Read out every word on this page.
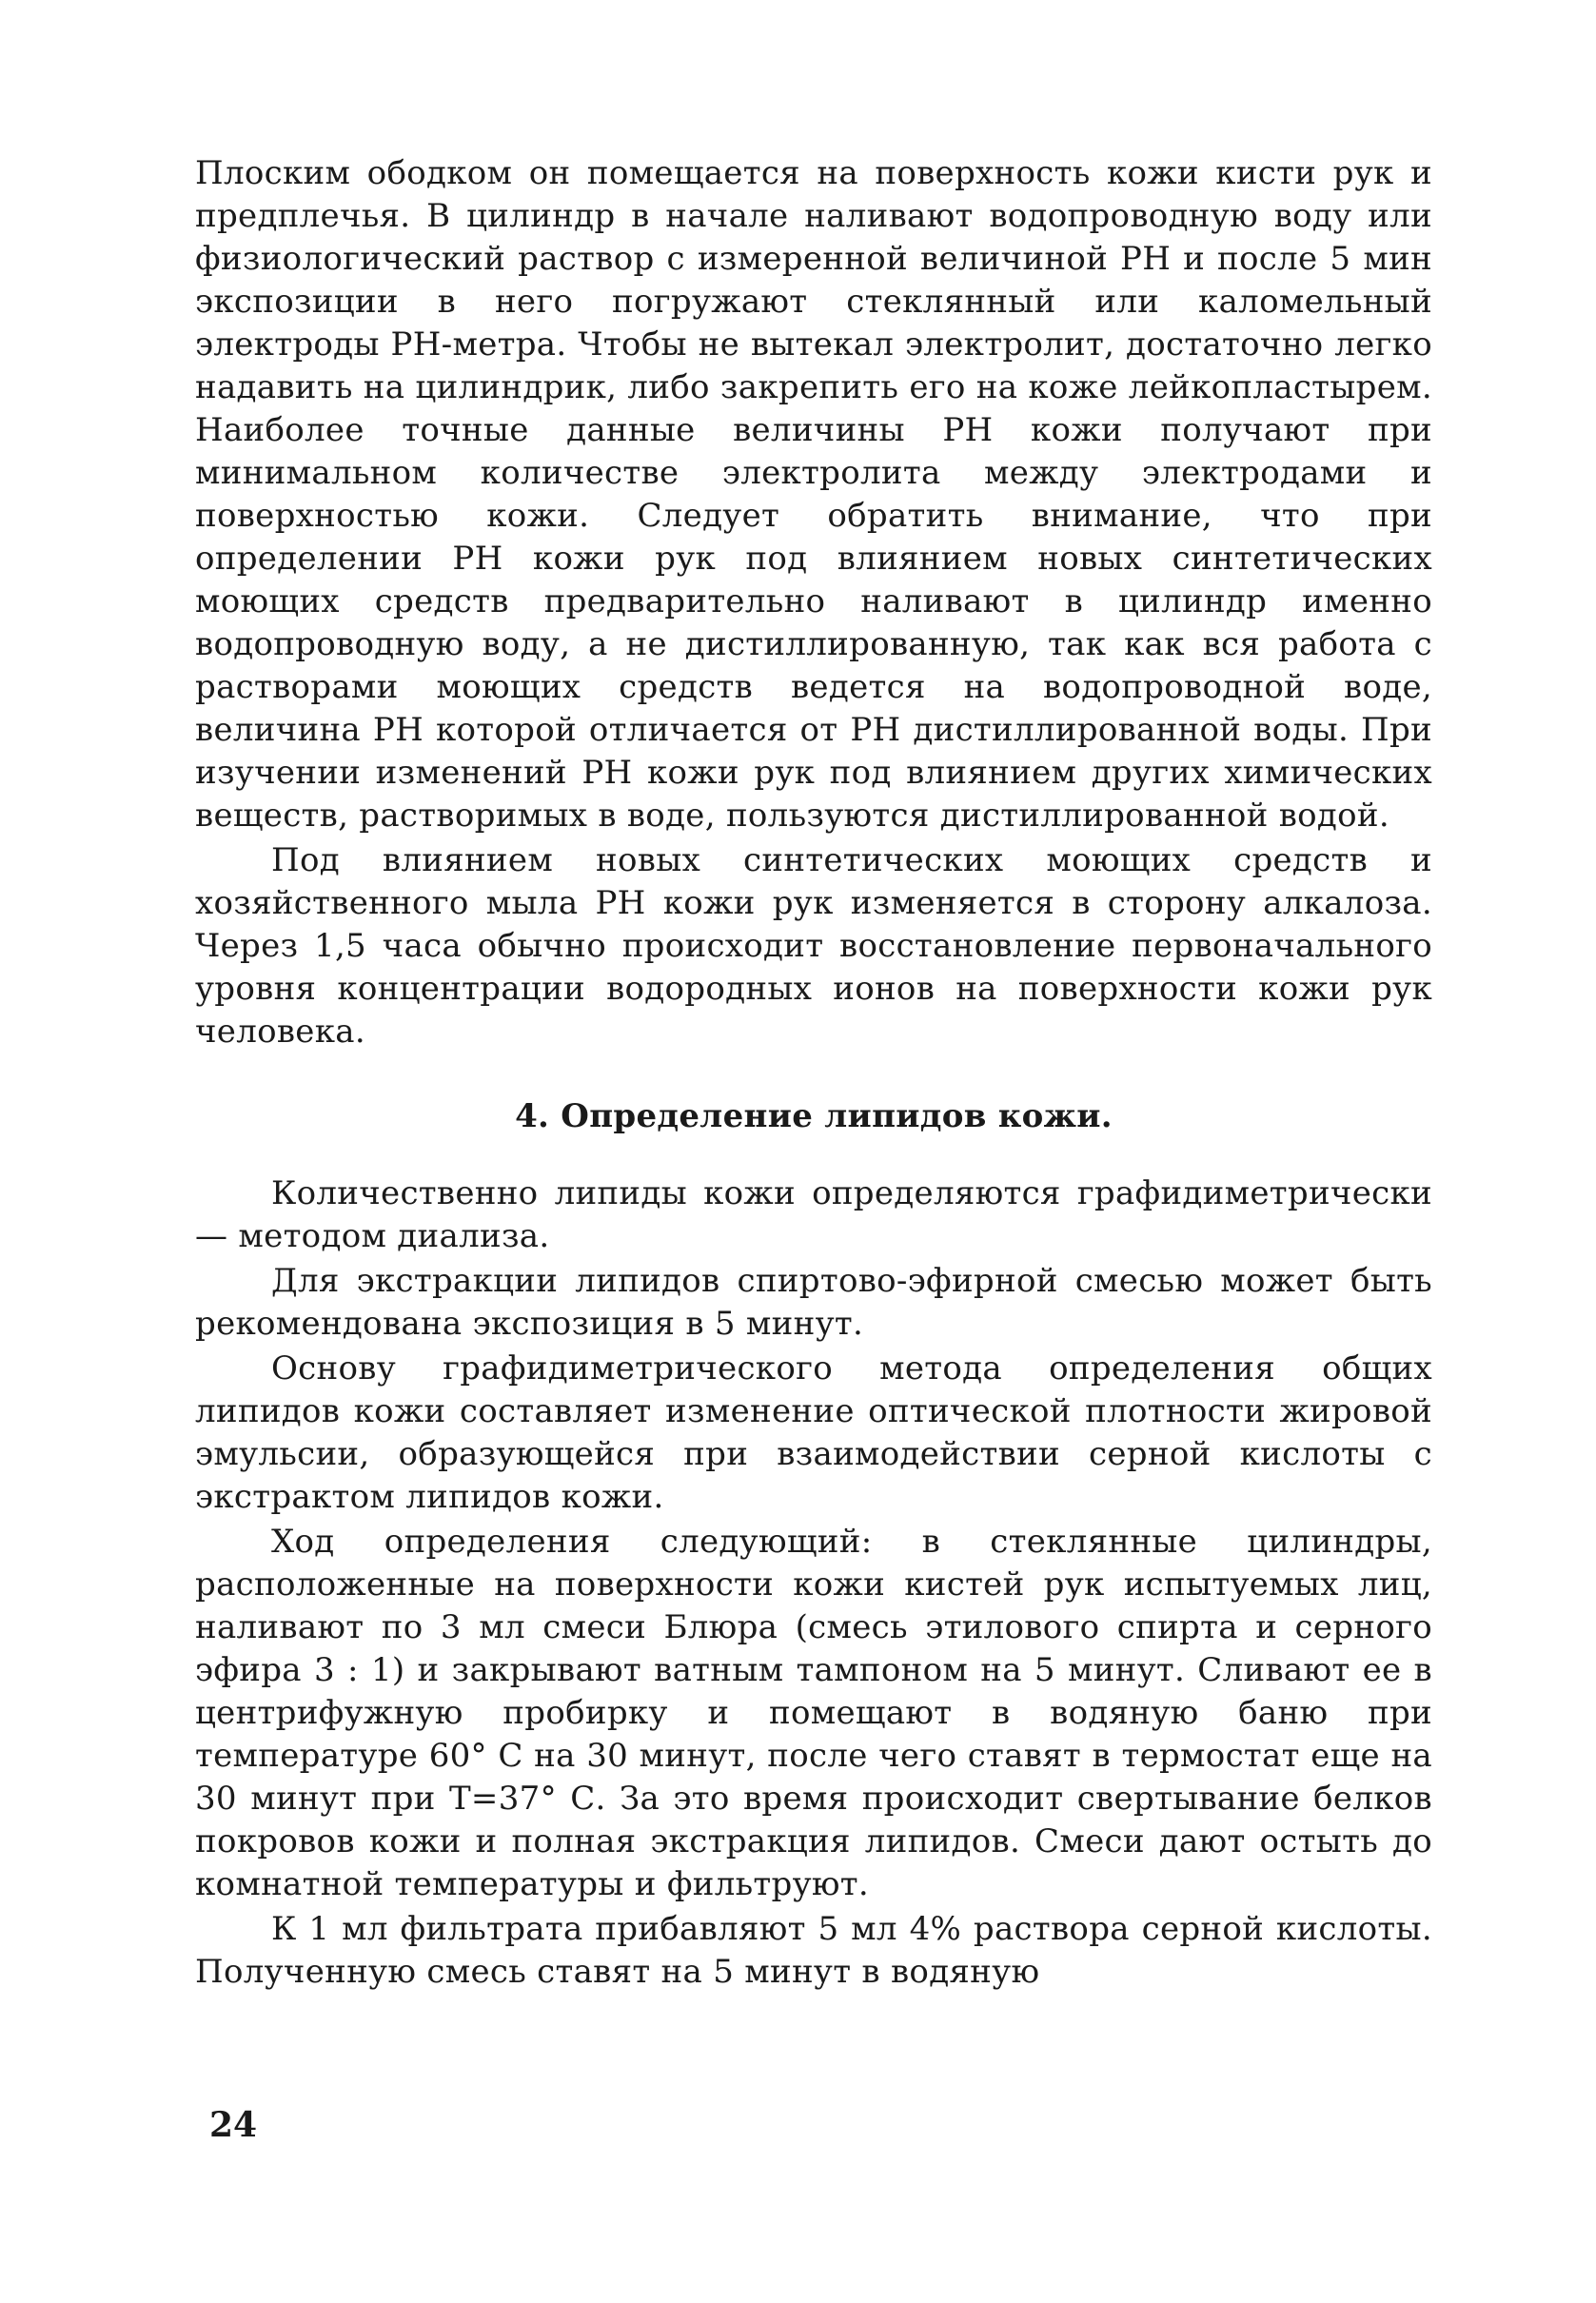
Плоским ободком он помещается на поверхность кожи кисти рук и предплечья. В цилиндр в начале наливают водопроводную воду или физиологический раствор с измеренной величиной РН и после 5 мин экспозиции в него погружают стеклянный или каломельный электроды РН-метра. Чтобы не вытекал электролит, достаточно легко надавить на цилиндрик, либо закрепить его на коже лейкопластырем. Наиболее точные данные величины РН кожи получают при минимальном количестве электролита между электродами и поверхностью кожи. Следует обратить внимание, что при определении РН кожи рук под влиянием новых синтетических моющих средств предварительно наливают в цилиндр именно водопроводную воду, а не дистиллированную, так как вся работа с растворами моющих средств ведется на водопроводной воде, величина РН которой отличается от РН дистиллированной воды. При изучении изменений РН кожи рук под влиянием других химических веществ, растворимых в воде, пользуются дистиллированной водой.

Под влиянием новых синтетических моющих средств и хозяйственного мыла РН кожи рук изменяется в сторону алкалоза. Через 1,5 часа обычно происходит восстановление первоначального уровня концентрации водородных ионов на поверхности кожи рук человека.

4. Определение липидов кожи.

Количественно липиды кожи определяются графидиметрически — методом диализа.

Для экстракции липидов спиртово-эфирной смесью может быть рекомендована экспозиция в 5 минут.

Основу графидиметрического метода определения общих липидов кожи составляет изменение оптической плотности жировой эмульсии, образующейся при взаимодействии серной кислоты с экстрактом липидов кожи.

Ход определения следующий: в стеклянные цилиндры, расположенные на поверхности кожи кистей рук испытуемых лиц, наливают по 3 мл смеси Блюра (смесь этилового спирта и серного эфира 3 : 1) и закрывают ватным тампоном на 5 минут. Сливают ее в центрифужную пробирку и помещают в водяную баню при температуре 60° С на 30 минут, после чего ставят в термостат еще на 30 минут при Т=37° С. За это время происходит свертывание белков покровов кожи и полная экстракция липидов. Смеси дают остыть до комнатной температуры и фильтруют.

К 1 мл фильтрата прибавляют 5 мл 4% раствора серной кислоты. Полученную смесь ставят на 5 минут в водяную

24
